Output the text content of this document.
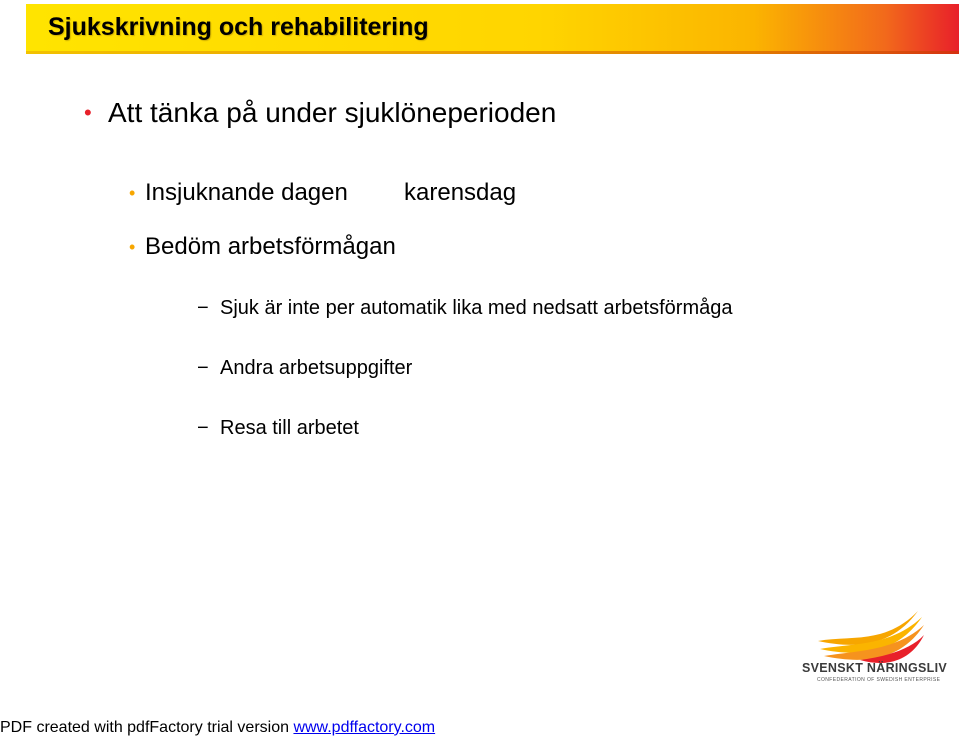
Sjukskrivning och rehabilitering
• Att tänka på under sjuklöneperioden
• Insjuknande dagen karensdag
• Bedöm arbetsförmågan
− Sjuk är inte per automatik lika med nedsatt arbetsförmåga
− Andra arbetsuppgifter
− Resa till arbetet
SVENSKT NÄRINGSLIV
CONFEDERATION OF SWEDISH ENTERPRISE
PDF created with pdfFactory trial version www.pdffactory.com
